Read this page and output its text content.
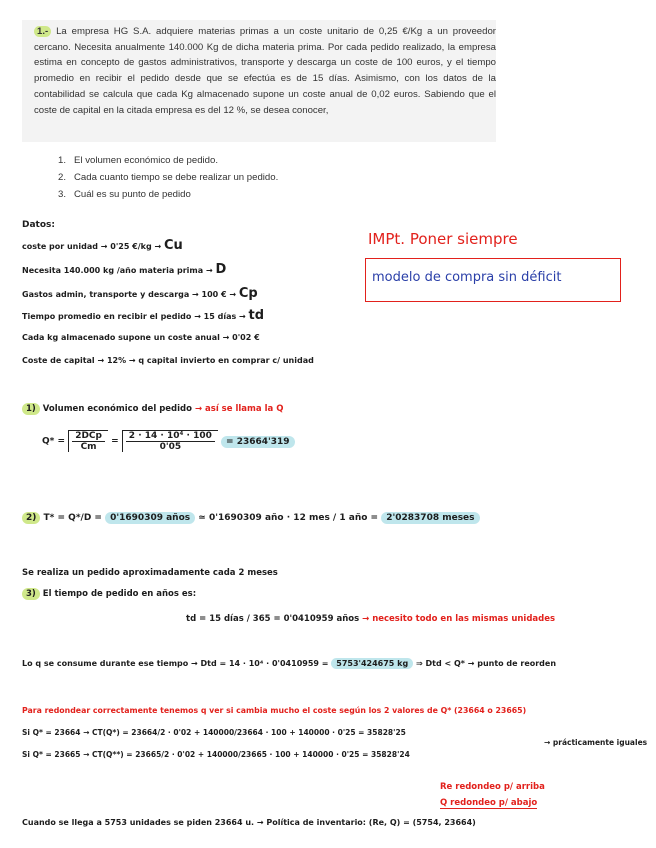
1.- La empresa HG S.A. adquiere materias primas a un coste unitario de 0,25 €/Kg a un proveedor cercano. Necesita anualmente 140.000 Kg de dicha materia prima. Por cada pedido realizado, la empresa estima en concepto de gastos administrativos, transporte y descarga un coste de 100 euros, y el tiempo promedio en recibir el pedido desde que se efectúa es de 15 días. Asimismo, con los datos de la contabilidad se calcula que cada Kg almacenado supone un coste anual de 0,02 euros. Sabiendo que el coste de capital en la citada empresa es del 12 %, se desea conocer,
1. El volumen económico de pedido.
2. Cada cuanto tiempo se debe realizar un pedido.
3. Cuál es su punto de pedido
Datos:
coste por unidad → 0'25 €/kg → Cu
Necesita 140.000 kg /año materia prima → D
Gastos admin, transporte y descarga → 100 € → Cp
Tiempo promedio en recibir el pedido → 15 días → td
Cada kg almacenado supone un coste anual → 0'02 €
Coste de capital → 12% → q capital invierto en comprar c/ unidad
IMPt. Poner siempre
modelo de compra sin déficit
1) Volumen económico del pedido → así se llama la Q
$Q* = \frac{\text{2DCp}}{Cm} = \frac{\text{2 · 14 · 10⁴ · 100}}{0'05} = 23664'319$
2) T* = Q*/D = 0'1690309 años ≃ 0'1690309 año · 12 mes / 1 año = 2'0283708 meses
Se realiza un pedido aproximadamente cada 2 meses
3) El tiempo de pedido en años es:
td = 15 días / 365 = 0'0410959 años → necesito todo en las mismas unidades
Lo q se consume durante ese tiempo → Dtd = 14 · 10⁴ · 0'0410959 = 5753'424675 kg ⇒ Dtd < Q* → punto de reorden
Para redondear correctamente tenemos q ver si cambia mucho el coste según los 2 valores de Q* (23664 o 23665)
Si Q* = 23664 → CT(Q*) = 23664/2 · 0'02 + 140000/23664 · 100 + 140000 · 0'25 = 35828'25
Si Q* = 23665 → CT(Q**) = 23665/2 · 0'02 + 140000/23665 · 100 + 140000 · 0'25 = 35828'24
→ prácticamente iguales
Re redondeo p/ arriba
Q redondeo p/ abajo
Cuando se llega a 5753 unidades se piden 23664 u. → Política de inventario: (Re, Q) = (5754, 23664)
